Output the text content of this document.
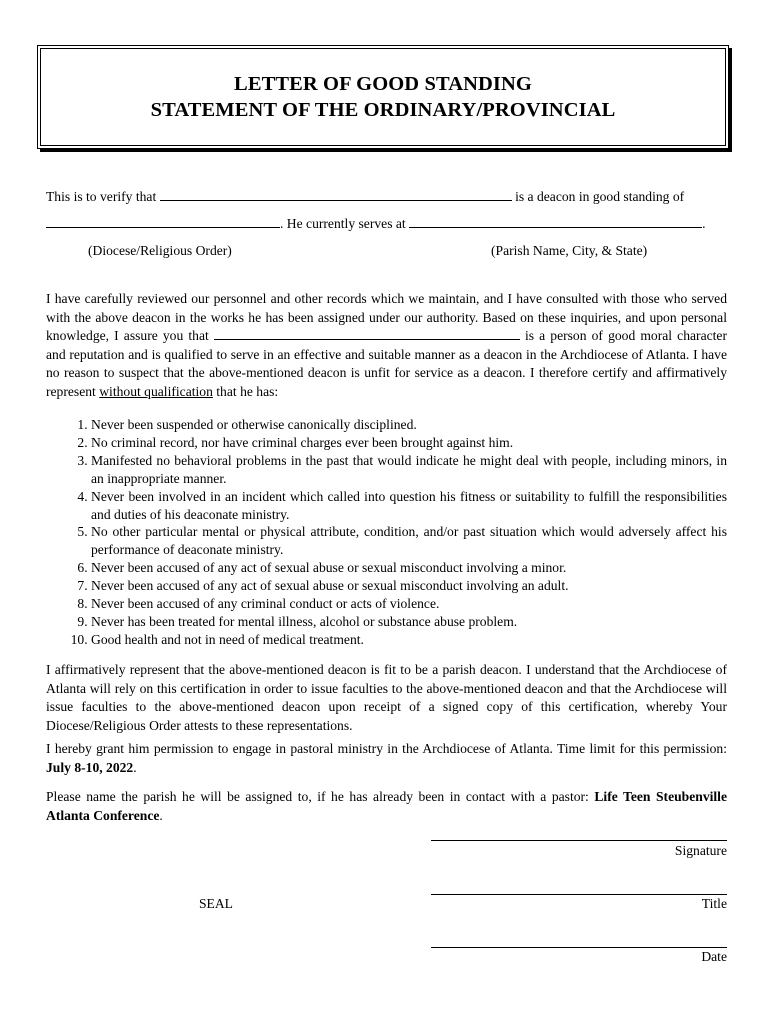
LETTER OF GOOD STANDING
STATEMENT OF THE ORDINARY/PROVINCIAL
This is to verify that	is a deacon in good standing of
. He currently serves at	.
(Diocese/Religious Order)	(Parish Name, City, & State)
I have carefully reviewed our personnel and other records which we maintain, and I have consulted with those who served with the above deacon in the works he has been assigned under our authority. Based on these inquiries, and upon personal knowledge, I assure you that	is a person of good moral character and reputation and is qualified to serve in an effective and suitable manner as a deacon in the Archdiocese of Atlanta. I have no reason to suspect that the above-mentioned deacon is unfit for service as a deacon. I therefore certify and affirmatively represent without qualification that he has:
1. Never been suspended or otherwise canonically disciplined.
2. No criminal record, nor have criminal charges ever been brought against him.
3. Manifested no behavioral problems in the past that would indicate he might deal with people, including minors, in an inappropriate manner.
4. Never been involved in an incident which called into question his fitness or suitability to fulfill the responsibilities and duties of his deaconate ministry.
5. No other particular mental or physical attribute, condition, and/or past situation which would adversely affect his performance of deaconate ministry.
6. Never been accused of any act of sexual abuse or sexual misconduct involving a minor.
7. Never been accused of any act of sexual abuse or sexual misconduct involving an adult.
8. Never been accused of any criminal conduct or acts of violence.
9. Never has been treated for mental illness, alcohol or substance abuse problem.
10. Good health and not in need of medical treatment.
I affirmatively represent that the above-mentioned deacon is fit to be a parish deacon. I understand that the Archdiocese of Atlanta will rely on this certification in order to issue faculties to the above-mentioned deacon and that the Archdiocese will issue faculties to the above-mentioned deacon upon receipt of a signed copy of this certification, whereby Your Diocese/Religious Order attests to these representations.
I hereby grant him permission to engage in pastoral ministry in the Archdiocese of Atlanta. Time limit for this permission: July 8-10, 2022.
Please name the parish he will be assigned to, if he has already been in contact with a pastor: Life Teen Steubenville Atlanta Conference.
Signature
SEAL	Title
Date
